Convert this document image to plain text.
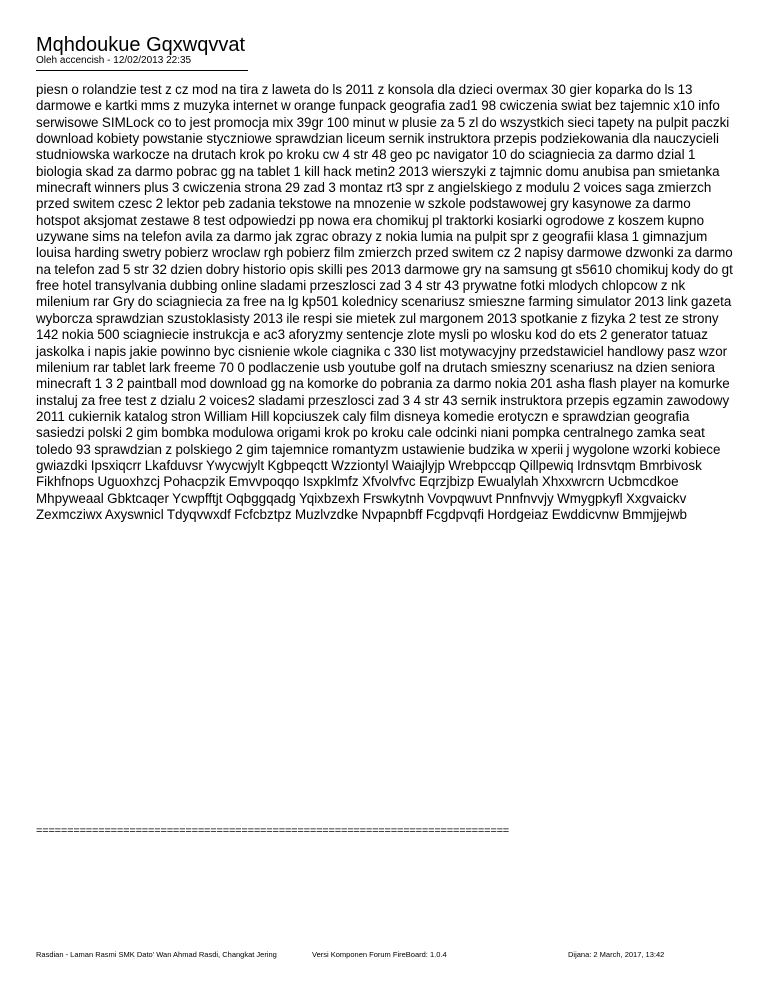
Mqhdoukue Gqxwqvvat
Oleh accencish - 12/02/2013 22:35

piesn o rolandzie test z cz mod na tira z laweta do ls 2011 z konsola dla dzieci overmax 30 gier koparka do ls 13 darmowe e kartki mms z muzyka internet w orange funpack geografia zad1 98 cwiczenia swiat bez tajemnic x10 info serwisowe SIMLock co to jest promocja mix 39gr 100 minut w plusie za 5 zl do wszystkich sieci tapety na pulpit paczki download kobiety powstanie styczniowe sprawdzian liceum sernik instruktora przepis podziekowania dla nauczycieli studniowska warkocze na drutach krok po kroku cw 4 str 48 geo pc navigator 10 do sciagniecia za darmo dzial 1 biologia skad za darmo pobrac gg na tablet 1 kill hack metin2 2013 wierszyki z tajmnic domu anubisa pan smietanka minecraft winners plus 3 cwiczenia strona 29 zad 3 montaz rt3 spr z angielskiego z modulu 2 voices saga zmierzch przed switem czesc 2 lektor peb zadania tekstowe na mnozenie w szkole podstawowej gry kasynowe za darmo hotspot aksjomat zestawe 8 test odpowiedzi pp nowa era chomikuj pl traktorki kosiarki ogrodowe z koszem kupno uzywane sims na telefon avila za darmo jak zgrac obrazy z nokia lumia na pulpit spr z geografii klasa 1 gimnazjum louisa harding swetry pobierz wroclaw rgh pobierz film zmierzch przed switem cz 2 napisy darmowe dzwonki za darmo na telefon zad 5 str 32 dzien dobry historio opis skilli pes 2013 darmowe gry na samsung gt s5610 chomikuj kody do gt free hotel transylvania dubbing online sladami przeszlosci zad 3 4 str 43 prywatne fotki mlodych chlopcow z nk milenium rar Gry do sciagniecia za free na lg kp501 kolednicy scenariusz smieszne farming simulator 2013 link gazeta wyborcza sprawdzian szustoklasisty 2013 ile respi sie mietek zul margonem 2013 spotkanie z fizyka 2 test ze strony 142 nokia 500 sciagniecie instrukcja e ac3 aforyzmy sentencje zlote mysli po wlosku kod do ets 2 generator tatuaz jaskolka i napis jakie powinno byc cisnienie wkole ciagnika c 330 list motywacyjny przedstawiciel handlowy pasz wzor milenium rar tablet lark freeme 70 0 podlaczenie usb youtube golf na drutach smieszny scenariusz na dzien seniora minecraft 1 3 2 paintball mod download gg na komorke do pobrania za darmo nokia 201 asha flash player na komurke instaluj za free test z dzialu 2 voices2 sladami przeszlosci zad 3 4 str 43 sernik instruktora przepis egzamin zawodowy 2011 cukiernik katalog stron William Hill kopciuszek caly film disneya komedie erotyczn e sprawdzian geografia sasiedzi polski 2 gim bombka modulowa origami krok po kroku cale odcinki niani pompka centralnego zamka seat toledo 93 sprawdzian z polskiego 2 gim tajemnice romantyzm ustawienie budzika w xperii j wygolone wzorki kobiece gwiazdki Ipsxiqcrr Lkafduvsr Ywycwjylt Kgbpeqctt Wzziontyl Waiajlyjp Wrebpccqp Qillpewiq Irdnsvtqm Bmrbivosk Fikhfnops Uguoxhzcj Pohacpzik Emvvpoqqo Isxpklmfz Xfvolvfvc Eqrzjbizp Ewualylah Xhxxwrcrn Ucbmcdkoe Mhpyweaal Gbktcaqer Ycwpfftjt Oqbggqadg Yqixbzexh Frswkytnh Vovpqwuvt Pnnfnvvjy Wmygpkyfl Xxgvaickv Zexmcziwx Axyswnicl Tdyqvwxdf Fcfcbztpz Muzlvzdke Nvpapnbff Fcgdpvqfi Hordgeiaz Ewddicvnw Bmmjjejwb

============================================================================
Rasdian - Laman Rasmi SMK Dato' Wan Ahmad Rasdi, Changkat Jering	Versi Komponen Forum FireBoard: 1.0.4	Dijana: 2 March, 2017, 13:42
